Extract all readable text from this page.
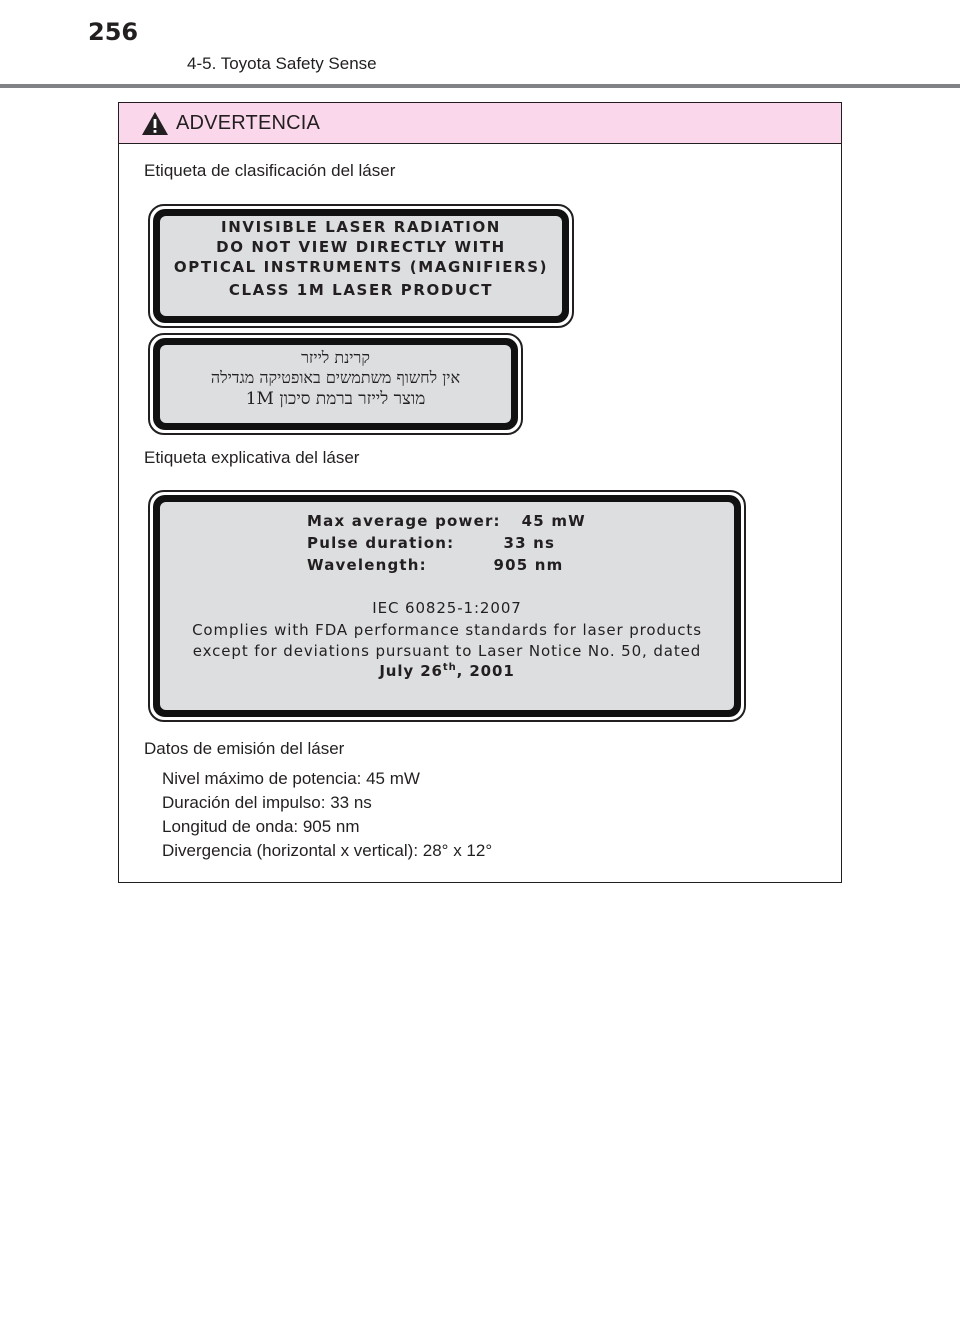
256
4-5. Toyota Safety Sense
ADVERTENCIA
Etiqueta de clasificación del láser
INVISIBLE LASER RADIATION
DO NOT VIEW DIRECTLY WITH
OPTICAL INSTRUMENTS (MAGNIFIERS)
CLASS 1M LASER PRODUCT
קרינת לייזר
אין לחשוף משתמשים באופטיקה מגדילה
מוצר לייזר ברמת סיכון 1M
Etiqueta explicativa del láser
Max average power: 45 mW
Pulse duration:	33 ns
Wavelength:	905 nm
IEC 60825-1:2007
Complies with FDA performance standards for laser products
except for deviations pursuant to Laser Notice No. 50, dated
July 26th, 2001
Datos de emisión del láser
Nivel máximo de potencia: 45 mW
Duración del impulso: 33 ns
Longitud de onda: 905 nm
Divergencia (horizontal x vertical): 28° x 12°
